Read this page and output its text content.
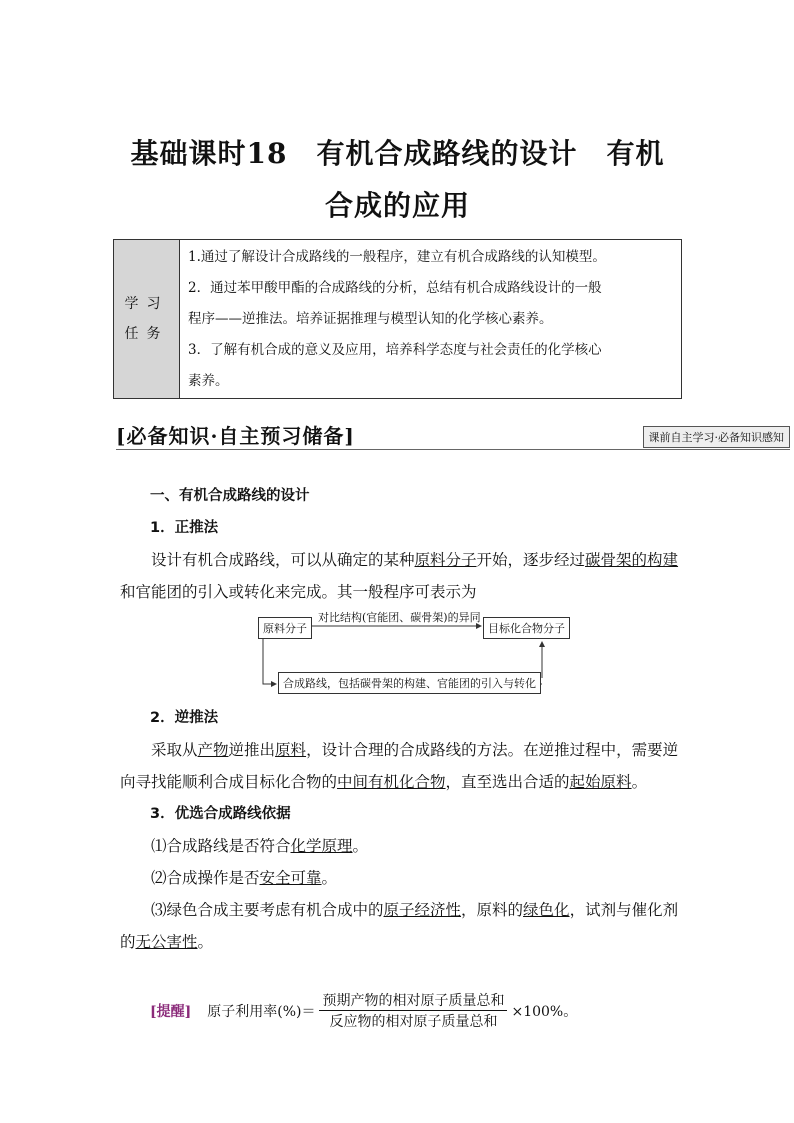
基础课时18　有机合成路线的设计　有机
合成的应用
学习
任务
1.通过了解设计合成路线的一般程序，建立有机合成路线的认知模型。
2．通过苯甲酸甲酯的合成路线的分析，总结有机合成路线设计的一般
程序——逆推法。培养证据推理与模型认知的化学核心素养。
3．了解有机合成的意义及应用，培养科学态度与社会责任的化学核心
素养。
[必备知识·自主预习储备]	课前自主学习·必备知识感知
一、有机合成路线的设计
1．正推法
设计有机合成路线，可以从确定的某种原料分子开始，逐步经过碳骨架的构建和官能团的引入或转化来完成。其一般程序可表示为
原料分子
对比结构(官能团、碳骨架)的异同
目标化合物分子
合成路线，包括碳骨架的构建、官能团的引入与转化
2．逆推法
采取从产物逆推出原料，设计合理的合成路线的方法。在逆推过程中，需要逆向寻找能顺利合成目标化合物的中间有机化合物，直至选出合适的起始原料。
3．优选合成路线依据
⑴合成路线是否符合化学原理。
⑵合成操作是否安全可靠。
⑶绿色合成主要考虑有机合成中的原子经济性，原料的绿色化，试剂与催化剂的无公害性。
[提醒] 原子利用率(%)＝ $\frac{\text{预期产物的相对原子质量总和}}{\text{反应物的相对原子质量总和}} \times 100\%$。
